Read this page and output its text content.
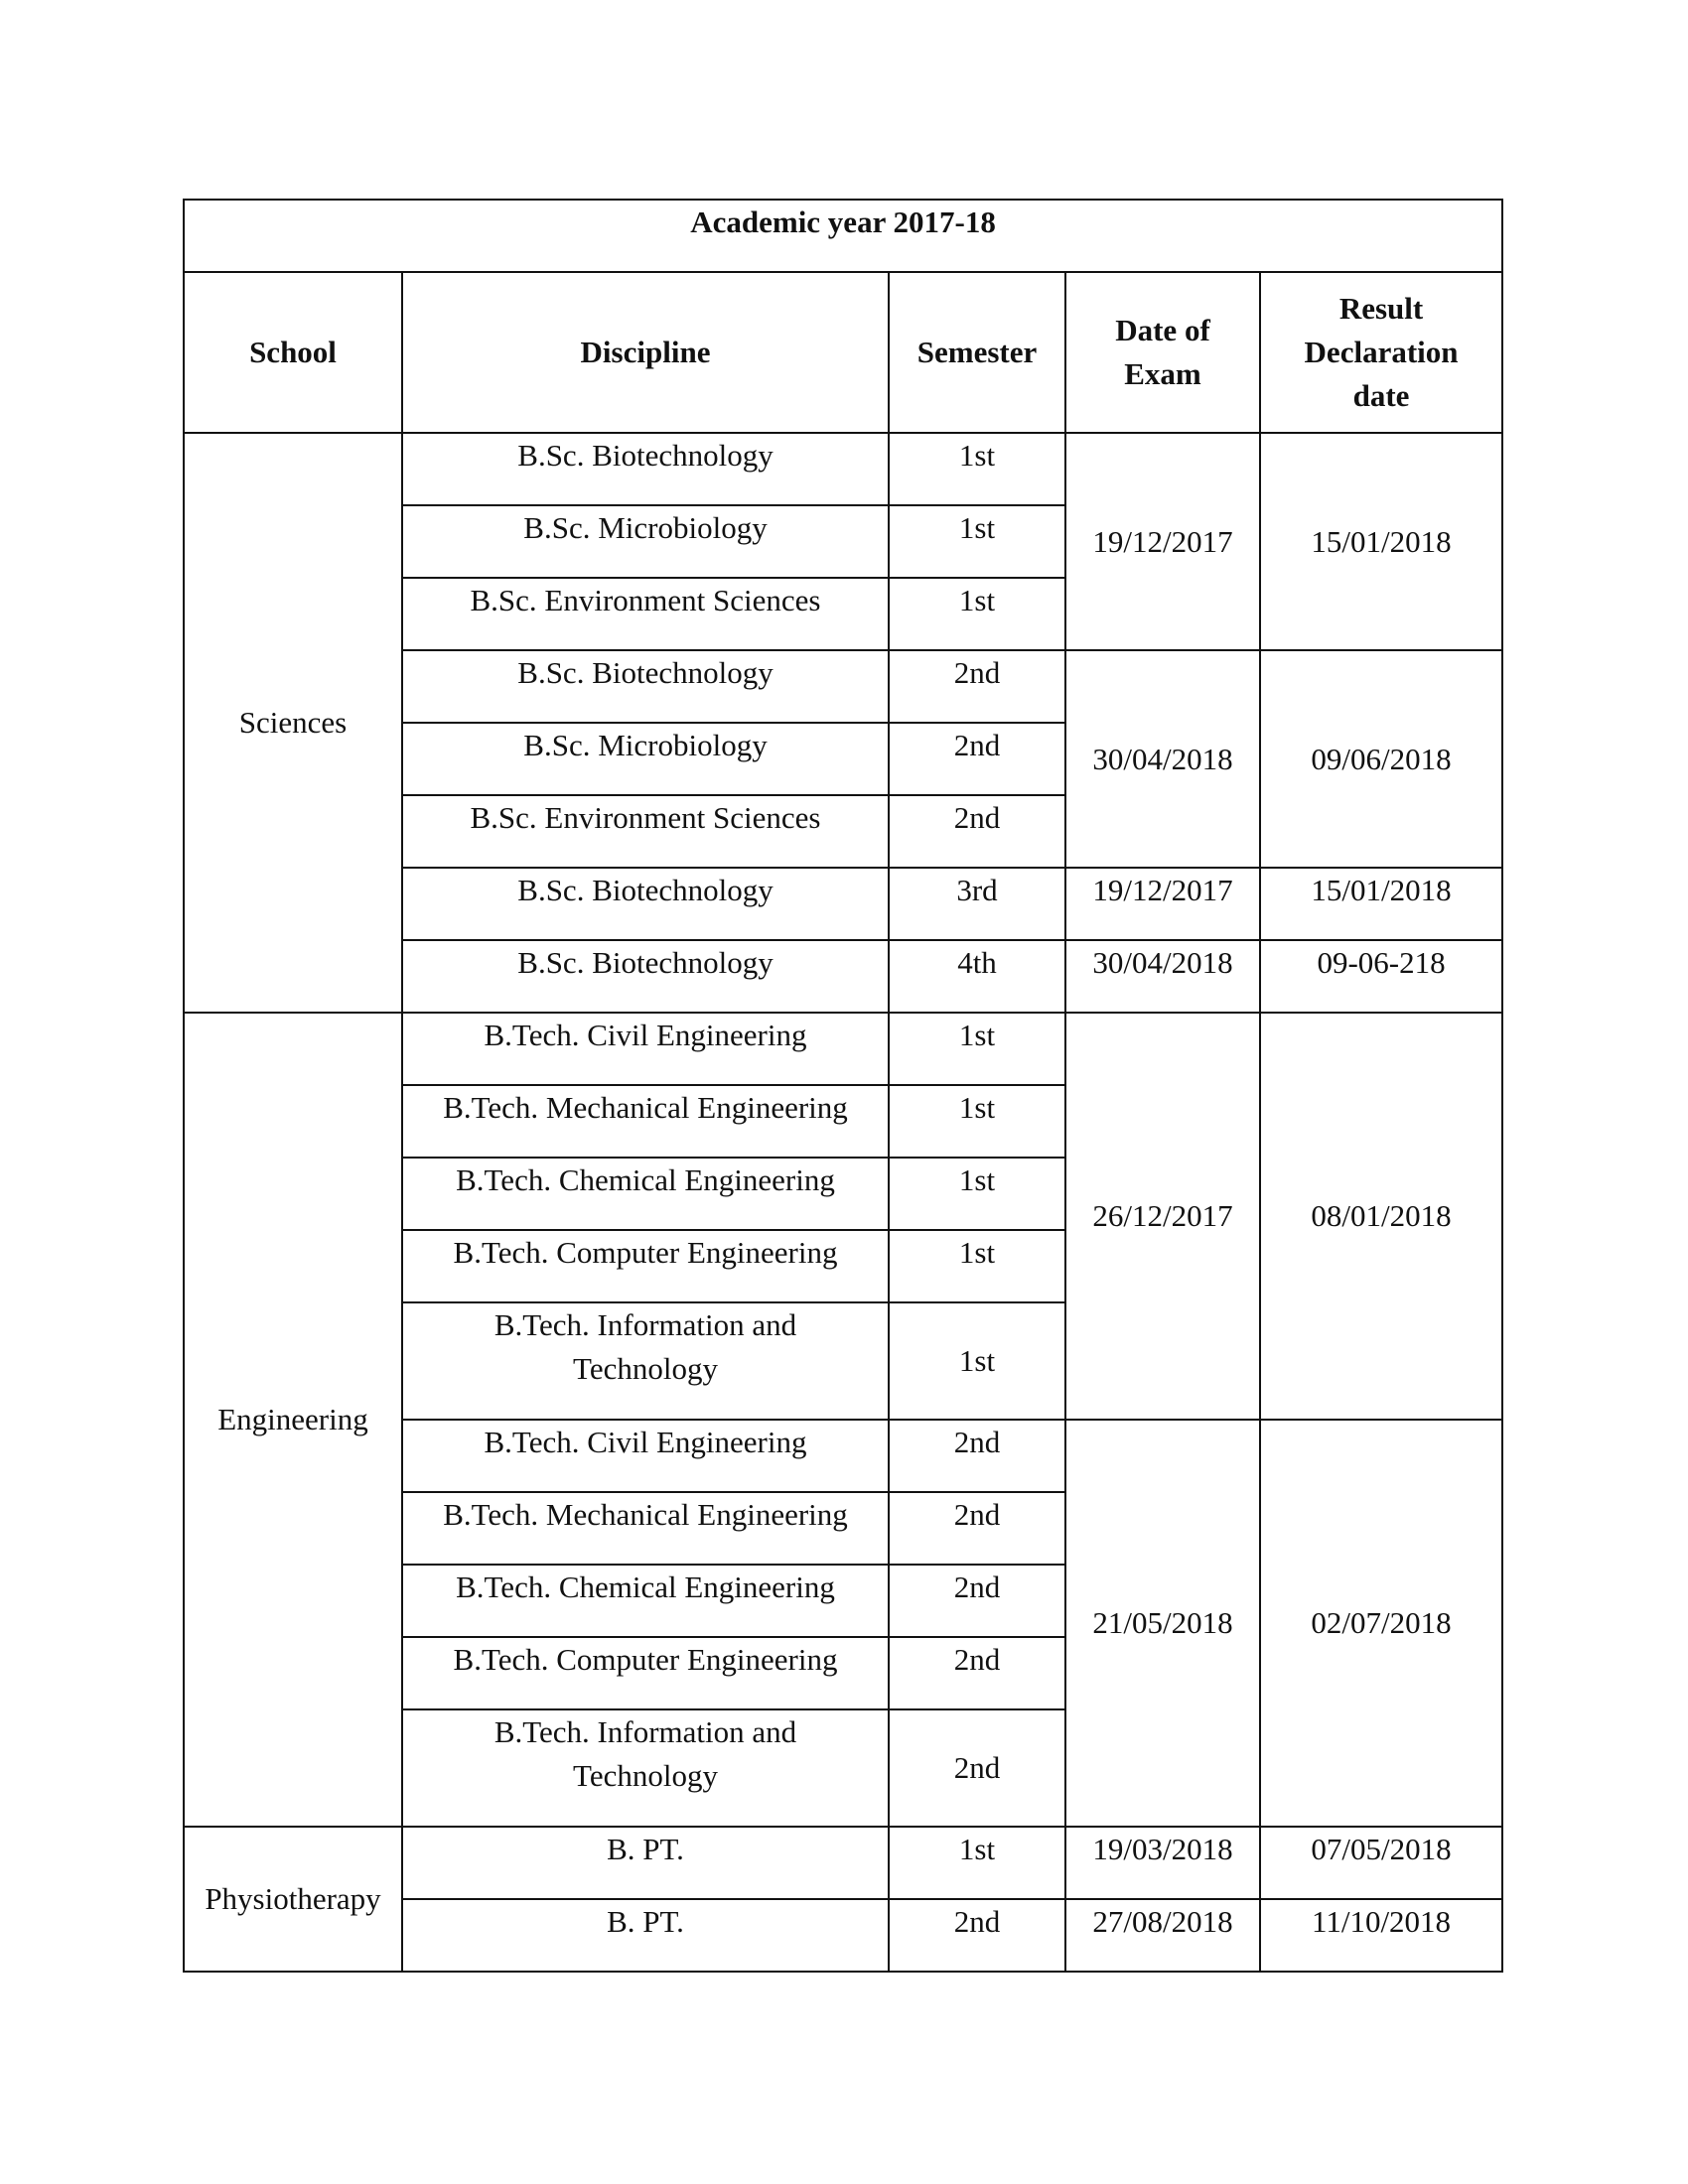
Academic year 2017-18				
School	Discipline	Semester	Date of Exam	Result Declaration date
Sciences	B.Sc. Biotechnology	1st	19/12/2017	15/01/2018
	B.Sc. Microbiology	1st		
	B.Sc. Environment Sciences	1st		
	B.Sc. Biotechnology	2nd	30/04/2018	09/06/2018
	B.Sc. Microbiology	2nd		
	B.Sc. Environment Sciences	2nd		
	B.Sc. Biotechnology	3rd	19/12/2017	15/01/2018
	B.Sc. Biotechnology	4th	30/04/2018	09-06-218
Engineering	B.Tech. Civil Engineering	1st	26/12/2017	08/01/2018
	B.Tech. Mechanical Engineering	1st		
	B.Tech. Chemical Engineering	1st		
	B.Tech. Computer Engineering	1st		
	B.Tech. Information and Technology	1st		
	B.Tech. Civil Engineering	2nd	21/05/2018	02/07/2018
	B.Tech. Mechanical Engineering	2nd		
	B.Tech. Chemical Engineering	2nd		
	B.Tech. Computer Engineering	2nd		
	B.Tech. Information and Technology	2nd		
Physiotherapy	B. PT.	1st	19/03/2018	07/05/2018
	B. PT.	2nd	27/08/2018	11/10/2018
